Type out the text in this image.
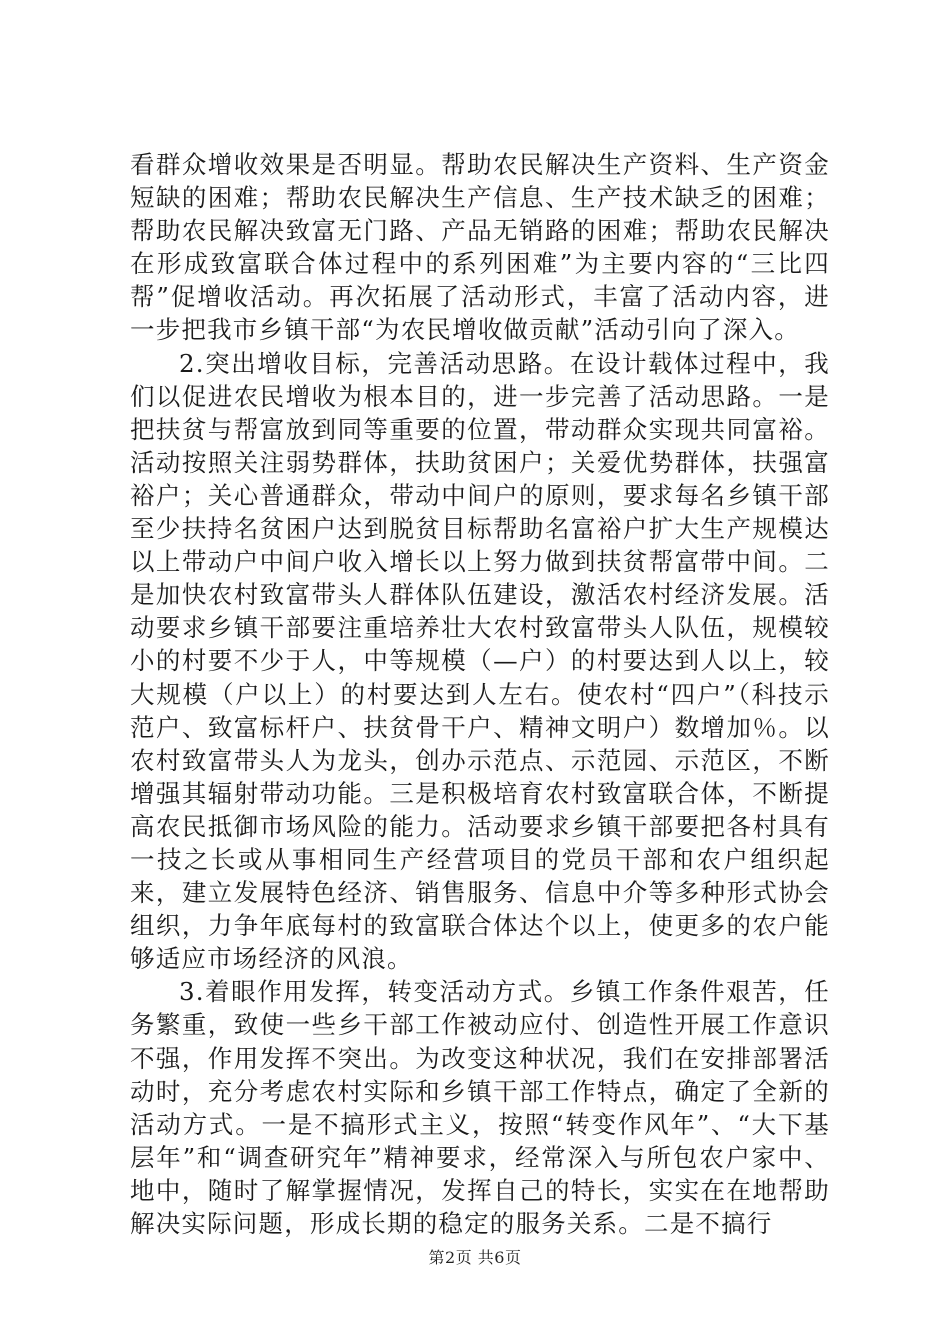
看群众增收效果是否明显。帮助农民解决生产资料、生产资金短缺的困难；帮助农民解决生产信息、生产技术缺乏的困难；帮助农民解决致富无门路、产品无销路的困难；帮助农民解决在形成致富联合体过程中的系列困难”为主要内容的“三比四帮”促增收活动。再次拓展了活动形式，丰富了活动内容，进一步把我市乡镇干部“为农民增收做贡献”活动引向了深入。

2.突出增收目标，完善活动思路。在设计载体过程中，我们以促进农民增收为根本目的，进一步完善了活动思路。一是把扶贫与帮富放到同等重要的位置，带动群众实现共同富裕。活动按照关注弱势群体，扶助贫困户；关爱优势群体，扶强富裕户；关心普通群众，带动中间户的原则，要求每名乡镇干部至少扶持名贫困户达到脱贫目标帮助名富裕户扩大生产规模达以上带动户中间户收入增长以上努力做到扶贫帮富带中间。二是加快农村致富带头人群体队伍建设，激活农村经济发展。活动要求乡镇干部要注重培养壮大农村致富带头人队伍，规模较小的村要不少于人，中等规模（—户）的村要达到人以上，较大规模（户以上）的村要达到人左右。使农村“四户”（科技示范户、致富标杆户、扶贫骨干户、精神文明户）数增加％。以农村致富带头人为龙头，创办示范点、示范园、示范区，不断增强其辐射带动功能。三是积极培育农村致富联合体，不断提高农民抵御市场风险的能力。活动要求乡镇干部要把各村具有一技之长或从事相同生产经营项目的党员干部和农户组织起来，建立发展特色经济、销售服务、信息中介等多种形式协会组织，力争年底每村的致富联合体达个以上，使更多的农户能够适应市场经济的风浪。

3.着眼作用发挥，转变活动方式。乡镇工作条件艰苦，任务繁重，致使一些乡干部工作被动应付、创造性开展工作意识不强，作用发挥不突出。为改变这种状况，我们在安排部署活动时，充分考虑农村实际和乡镇干部工作特点，确定了全新的活动方式。一是不搞形式主义，按照“转变作风年”、“大下基层年”和“调查研究年”精神要求，经常深入与所包农户家中、地中，随时了解掌握情况，发挥自己的特长，实实在在地帮助解决实际问题，形成长期的稳定的服务关系。二是不搞行

第2页 共6页
